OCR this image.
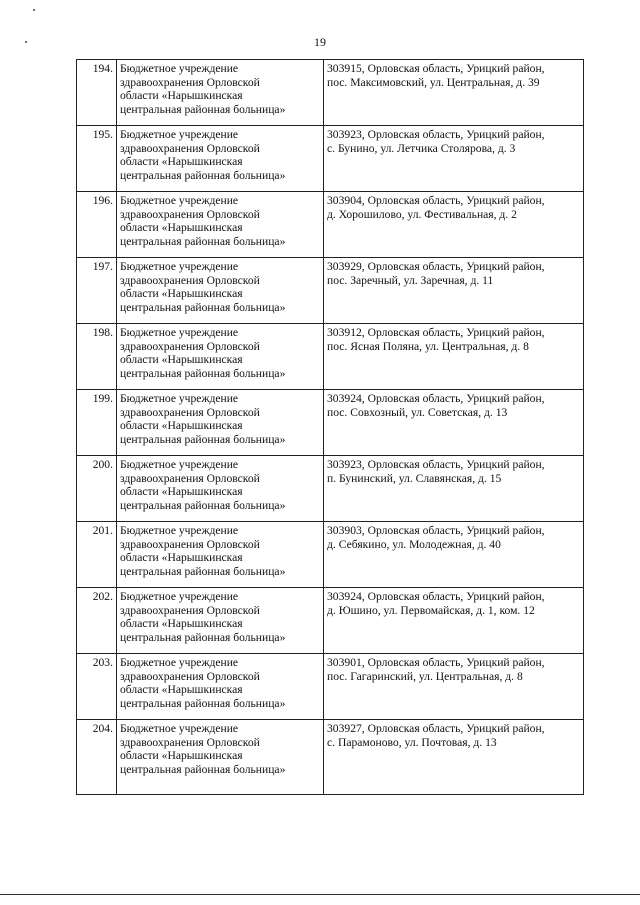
19
194.	Бюджетное учреждение
здравоохранения Орловской
области «Нарышкинская
центральная районная больница»	303915, Орловская область, Урицкий район,
пос. Максимовский, ул. Центральная, д. 39

195.	Бюджетное учреждение
здравоохранения Орловской
области «Нарышкинская
центральная районная больница»	303923, Орловская область, Урицкий район,
с. Бунино, ул. Летчика Столярова, д. 3

196.	Бюджетное учреждение
здравоохранения Орловской
области «Нарышкинская
центральная районная больница»	303904, Орловская область, Урицкий район,
д. Хорошилово, ул. Фестивальная, д. 2

197.	Бюджетное учреждение
здравоохранения Орловской
области «Нарышкинская
центральная районная больница»	303929, Орловская область, Урицкий район,
пос. Заречный, ул. Заречная, д. 11

198.	Бюджетное учреждение
здравоохранения Орловской
области «Нарышкинская
центральная районная больница»	303912, Орловская область, Урицкий район,
пос. Ясная Поляна, ул. Центральная, д. 8

199.	Бюджетное учреждение
здравоохранения Орловской
области «Нарышкинская
центральная районная больница»	303924, Орловская область, Урицкий район,
пос. Совхозный, ул. Советская, д. 13

200.	Бюджетное учреждение
здравоохранения Орловской
области «Нарышкинская
центральная районная больница»	303923, Орловская область, Урицкий район,
п. Бунинский, ул. Славянская, д. 15

201.	Бюджетное учреждение
здравоохранения Орловской
области «Нарышкинская
центральная районная больница»	303903, Орловская область, Урицкий район,
д. Себякино, ул. Молодежная, д. 40

202.	Бюджетное учреждение
здравоохранения Орловской
области «Нарышкинская
центральная районная больница»	303924, Орловская область, Урицкий район,
д. Юшино, ул. Первомайская, д. 1, ком. 12

203.	Бюджетное учреждение
здравоохранения Орловской
области «Нарышкинская
центральная районная больница»	303901, Орловская область, Урицкий район,
пос. Гагаринский, ул. Центральная, д. 8

204.	Бюджетное учреждение
здравоохранения Орловской
области «Нарышкинская
центральная районная больница»	303927, Орловская область, Урицкий район,
с. Парамоново, ул. Почтовая, д. 13
